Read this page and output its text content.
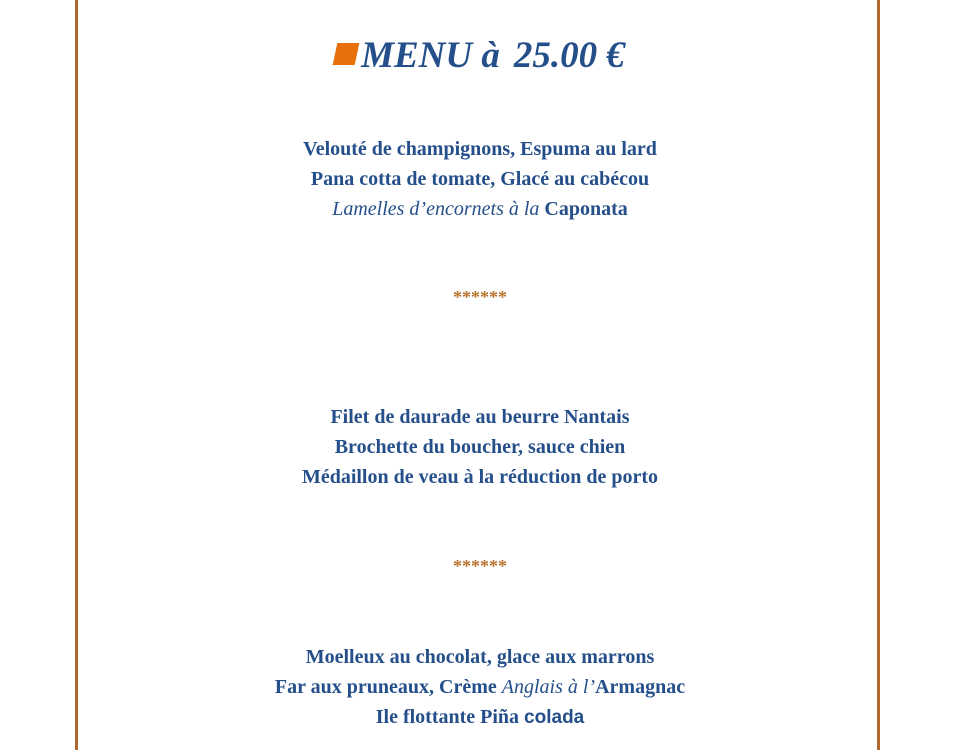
MENU à 25.00 €
Velouté de champignons, Espuma au lard
Pana cotta de tomate, Glacé au cabécou
Lamelles d’encornets à la Caponata
******
Filet de daurade au beurre Nantais
Brochette du boucher, sauce chien
Médaillon de veau à la réduction de porto
******
Moelleux au chocolat, glace aux marrons
Far aux pruneaux, Crème Anglais à l’Armagnac
Ile flottante Piña colada
